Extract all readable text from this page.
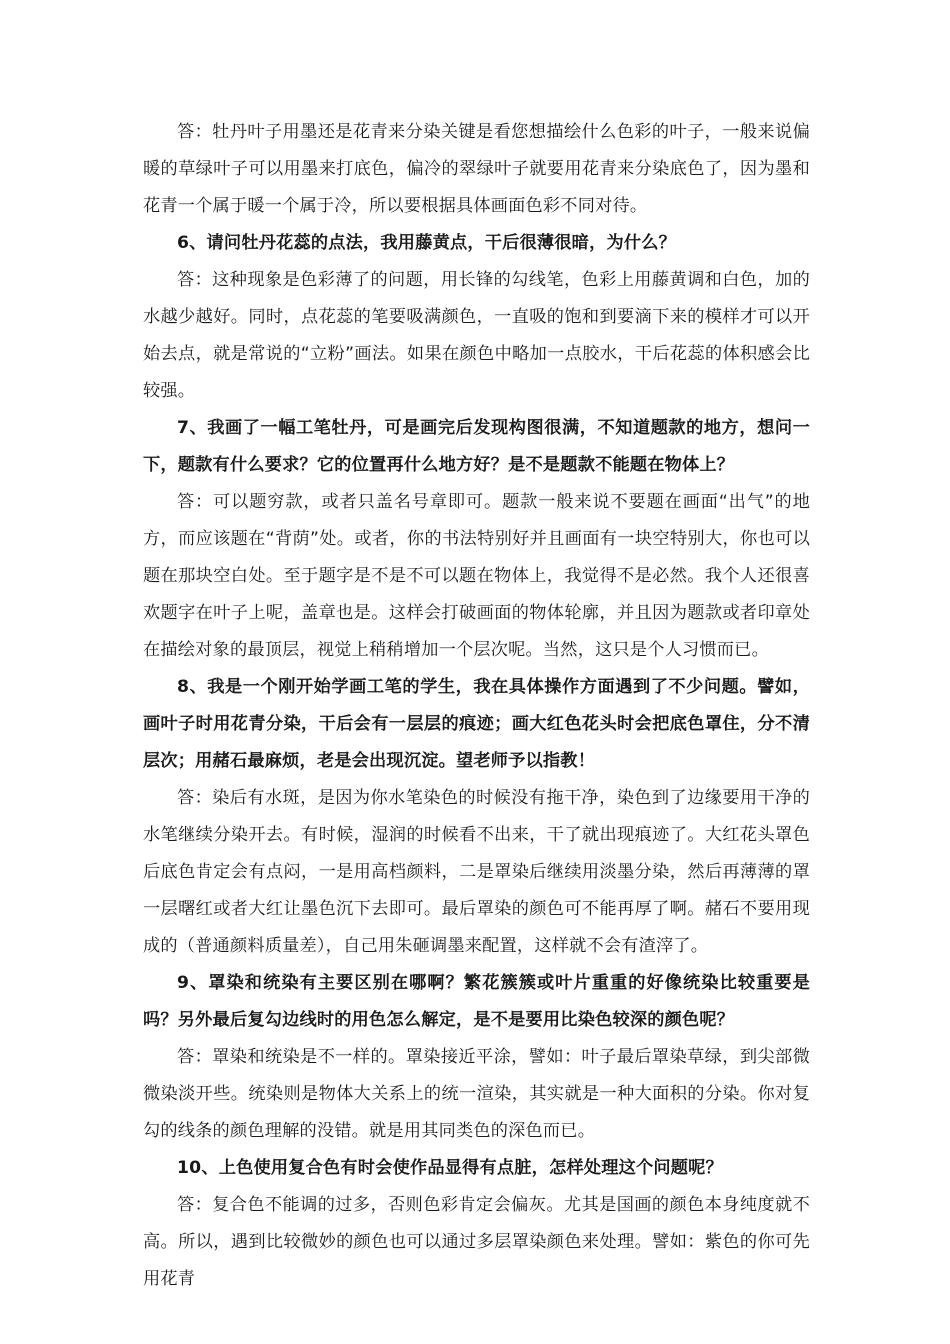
答：牡丹叶子用墨还是花青来分染关键是看您想描绘什么色彩的叶子，一般来说偏暖的草绿叶子可以用墨来打底色，偏冷的翠绿叶子就要用花青来分染底色了，因为墨和花青一个属于暖一个属于冷，所以要根据具体画面色彩不同对待。

6、请问牡丹花蕊的点法，我用藤黄点，干后很薄很暗，为什么？

答：这种现象是色彩薄了的问题，用长锋的勾线笔，色彩上用藤黄调和白色，加的水越少越好。同时，点花蕊的笔要吸满颜色，一直吸的饱和到要滴下来的模样才可以开始去点，就是常说的“立粉”画法。如果在颜色中略加一点胶水，干后花蕊的体积感会比较强。

7、我画了一幅工笔牡丹，可是画完后发现构图很满，不知道题款的地方，想问一下，题款有什么要求？它的位置再什么地方好？是不是题款不能题在物体上？

答：可以题穷款，或者只盖名号章即可。题款一般来说不要题在画面“出气”的地方，而应该题在“背荫”处。或者，你的书法特别好并且画面有一块空特别大，你也可以题在那块空白处。至于题字是不是不可以题在物体上，我觉得不是必然。我个人还很喜欢题字在叶子上呢，盖章也是。这样会打破画面的物体轮廓，并且因为题款或者印章处在描绘对象的最顶层，视觉上稍稍增加一个层次呢。当然，这只是个人习惯而已。

8、我是一个刚开始学画工笔的学生，我在具体操作方面遇到了不少问题。譬如，画叶子时用花青分染，干后会有一层层的痕迹；画大红色花头时会把底色罩住，分不清层次；用赭石最麻烦，老是会出现沉淀。望老师予以指教！

答：染后有水斑，是因为你水笔染色的时候没有拖干净，染色到了边缘要用干净的水笔继续分染开去。有时候，湿润的时候看不出来，干了就出现痕迹了。大红花头罩色后底色肯定会有点闷，一是用高档颜料，二是罩染后继续用淡墨分染，然后再薄薄的罩一层曙红或者大红让墨色沉下去即可。最后罩染的颜色可不能再厚了啊。赭石不要用现成的（普通颜料质量差），自己用朱砸调墨来配置，这样就不会有渣滓了。

9、罩染和统染有主要区别在哪啊？繁花簇簇或叶片重重的好像统染比较重要是吗？另外最后复勾边线时的用色怎么解定，是不是要用比染色较深的颜色呢？

答：罩染和统染是不一样的。罩染接近平涂，譬如：叶子最后罩染草绿，到尖部微微染淡开些。统染则是物体大关系上的统一渲染，其实就是一种大面积的分染。你对复勾的线条的颜色理解的没错。就是用其同类色的深色而已。

10、上色使用复合色有时会使作品显得有点脏，怎样处理这个问题呢？

答：复合色不能调的过多，否则色彩肯定会偏灰。尤其是国画的颜色本身纯度就不高。所以，遇到比较微妙的颜色也可以通过多层罩染颜色来处理。譬如：紫色的你可先用花青
